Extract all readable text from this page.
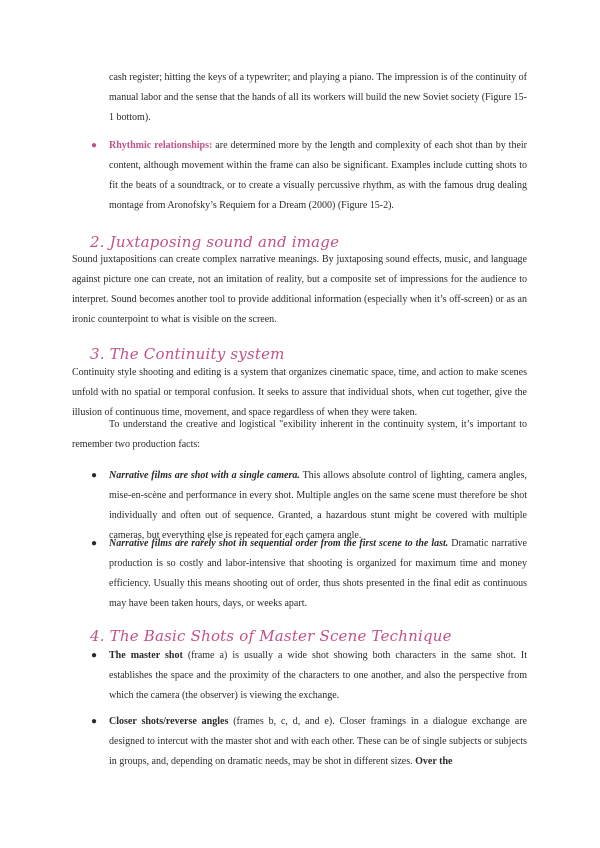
cash register; hitting the keys of a typewriter; and playing a piano. The impression is of the continuity of manual labor and the sense that the hands of all its workers will build the new Soviet society (Figure 15-1 bottom).

● Rhythmic relationships: are determined more by the length and complexity of each shot than by their content, although movement within the frame can also be significant. Examples include cutting shots to fit the beats of a soundtrack, or to create a visually percussive rhythm, as with the famous drug dealing montage from Aronofsky’s Requiem for a Dream (2000) (Figure 15-2).

2. Juxtaposing sound and image

Sound juxtapositions can create complex narrative meanings. By juxtaposing sound effects, music, and language against picture one can create, not an imitation of reality, but a composite set of impressions for the audience to interpret. Sound becomes another tool to provide additional information (especially when it’s off-screen) or as an ironic counterpoint to what is visible on the screen.

3. The Continuity system

Continuity style shooting and editing is a system that organizes cinematic space, time, and action to make scenes unfold with no spatial or temporal confusion. It seeks to assure that individual shots, when cut together, give the illusion of continuous time, movement, and space regardless of when they were taken.

To understand the creative and logistical "exibility inherent in the continuity system, it’s important to remember two production facts:

● Narrative films are shot with a single camera. This allows absolute control of lighting, camera angles, mise-en-scène and performance in every shot. Multiple angles on the same scene must therefore be shot individually and often out of sequence. Granted, a hazardous stunt might be covered with multiple cameras, but everything else is repeated for each camera angle.

● Narrative films are rarely shot in sequential order from the first scene to the last. Dramatic narrative production is so costly and labor-intensive that shooting is organized for maximum time and money efficiency. Usually this means shooting out of order, thus shots presented in the final edit as continuous may have been taken hours, days, or weeks apart.

4. The Basic Shots of Master Scene Technique
● The master shot (frame a) is usually a wide shot showing both characters in the same shot. It establishes the space and the proximity of the characters to one another, and also the perspective from which the camera (the observer) is viewing the exchange.

● Closer shots/reverse angles (frames b, c, d, and e). Closer framings in a dialogue exchange are designed to intercut with the master shot and with each other. These can be of single subjects or subjects in groups, and, depending on dramatic needs, may be shot in different sizes. Over the
